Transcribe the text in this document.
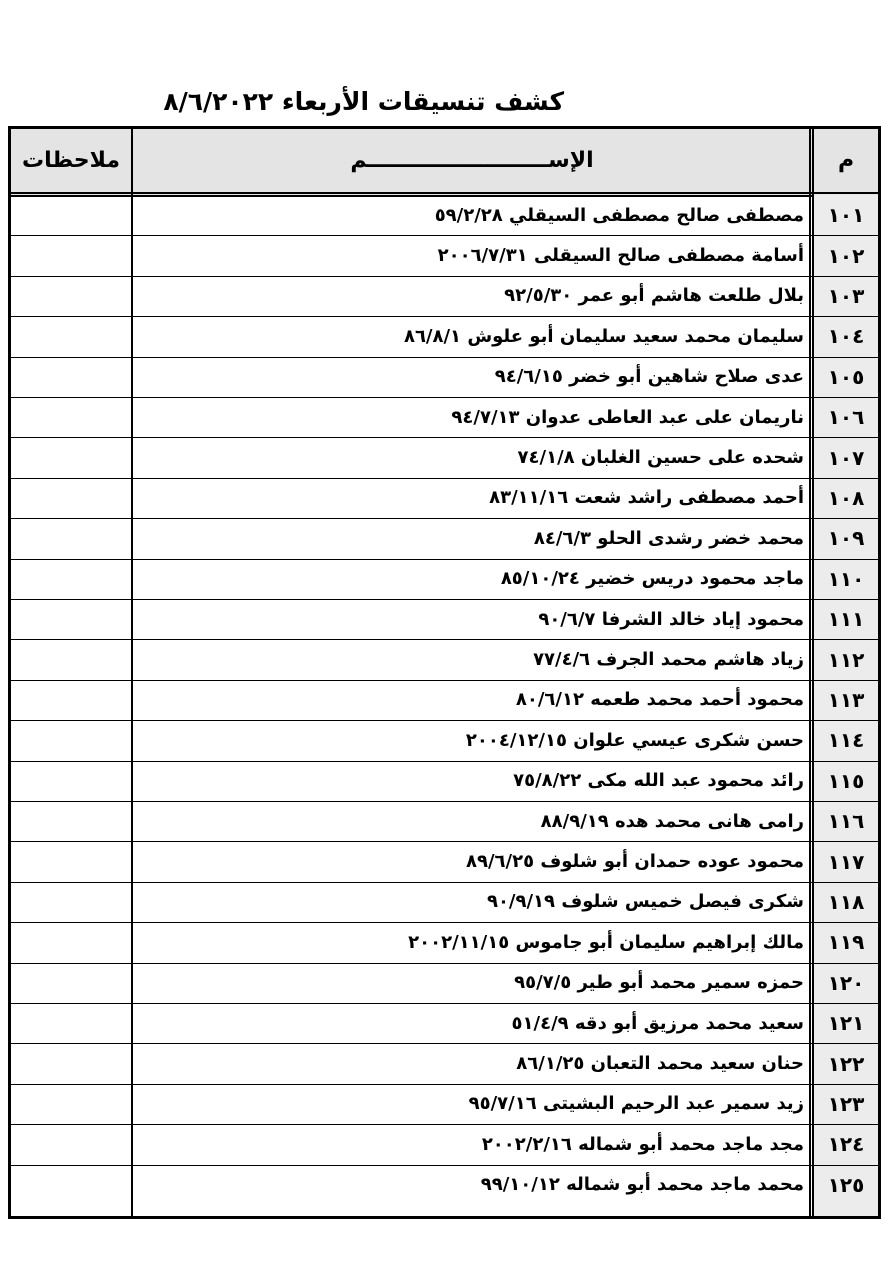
كشف تنسيقات الأربعاء ٨/٦/٢٠٢٢
م
الإســــــــــــــــــــــــم
ملاحظات
١٠١
مصطفى صالح مصطفى السيقلي ٥٩/٢/٢٨
١٠٢
أسامة مصطفى صالح السيقلى ٢٠٠٦/٧/٣١
١٠٣
بلال طلعت هاشم أبو عمر ٩٢/٥/٣٠
١٠٤
سليمان محمد سعيد سليمان أبو علوش ٨٦/٨/١
١٠٥
عدى صلاح شاهين أبو خضر ٩٤/٦/١٥
١٠٦
ناريمان على عبد العاطى عدوان ٩٤/٧/١٣
١٠٧
شحده على حسين الغلبان ٧٤/١/٨
١٠٨
أحمد مصطفى راشد شعت ٨٣/١١/١٦
١٠٩
محمد خضر رشدى الحلو ٨٤/٦/٣
١١٠
ماجد محمود دريس خضير ٨٥/١٠/٢٤
١١١
محمود إياد خالد الشرفا ٩٠/٦/٧
١١٢
زياد هاشم محمد الجرف ٧٧/٤/٦
١١٣
محمود أحمد محمد طعمه ٨٠/٦/١٢
١١٤
حسن شكرى عيسي علوان ٢٠٠٤/١٢/١٥
١١٥
رائد محمود عبد الله مكى ٧٥/٨/٢٢
١١٦
رامى هانى محمد هده ٨٨/٩/١٩
١١٧
محمود عوده حمدان أبو شلوف ٨٩/٦/٢٥
١١٨
شكرى فيصل خميس شلوف ٩٠/٩/١٩
١١٩
مالك إبراهيم سليمان أبو جاموس ٢٠٠٢/١١/١٥
١٢٠
حمزه سمير محمد أبو طير ٩٥/٧/٥
١٢١
سعيد محمد مرزيق أبو دقه ٥١/٤/٩
١٢٢
حنان سعيد محمد التعبان ٨٦/١/٢٥
١٢٣
زيد سمير عبد الرحيم البشيتى ٩٥/٧/١٦
١٢٤
مجد ماجد محمد أبو شماله ٢٠٠٢/٢/١٦
١٢٥
محمد ماجد محمد أبو شماله ٩٩/١٠/١٢
